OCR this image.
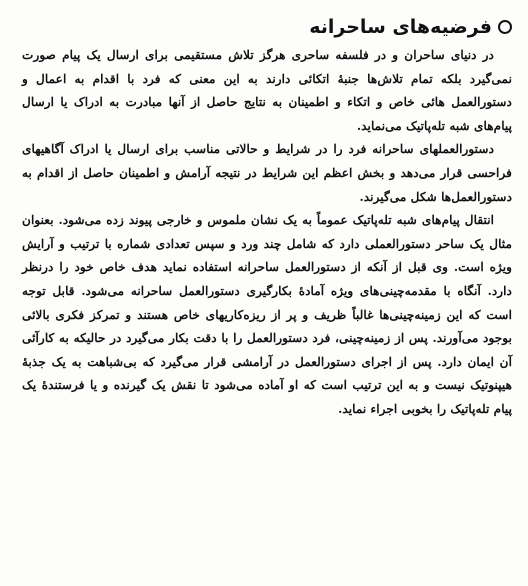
فرضیه‌های ساحرانه

در دنیای ساحران و در فلسفه ساحری هرگز تلاش مستقیمی برای ارسال یک پیام صورت نمی‌گیرد بلکه تمام تلاش‌ها جنبهٔ اتکائی دارند به این معنی که فرد با اقدام به اعمال و دستورالعمل هائی خاص و اتکاء و اطمینان به نتایج حاصل از آنها مبادرت به ادراک یا ارسال پیام‌های شبه تله‌پاتیک می‌نماید.

دستورالعملهای ساحرانه فرد را در شرایط و حالاتی مناسب برای ارسال یا ادراک آگاهیهای فراحسی قرار می‌دهد و بخش اعظم این شرایط در نتیجه آرامش و اطمینان حاصل از اقدام به دستورالعمل‌ها شکل می‌گیرند.

انتقال پیام‌های شبه تله‌پاتیک عموماً به یک نشان ملموس و خارجی پیوند زده می‌شود. بعنوان مثال یک ساحر دستورالعملی دارد که شامل چند ورد و سپس تعدادی شماره با ترتیب و آرایش ویژه است. وی قبل از آنکه از دستورالعمل ساحرانه استفاده نماید هدف خاص خود را درنظر دارد. آنگاه با مقدمه‌چینی‌های ویژه آمادهٔ بکارگیری دستورالعمل ساحرانه می‌شود. قابل توجه است که این زمینه‌چینی‌ها غالباً ظریف و پر از ریزه‌کاریهای خاص هستند و تمرکز فکری بالائی بوجود می‌آورند. پس از زمینه‌چینی، فرد دستورالعمل را با دقت بکار می‌گیرد در حالیکه به کارآئی آن ایمان دارد. پس از اجرای دستورالعمل در آرامشی قرار می‌گیرد که بی‌شباهت به یک جذبهٔ هیپنوتیک نیست و به این ترتیب است که او آماده می‌شود تا نقش یک گیرنده و یا فرستندهٔ یک پیام تله‌پاتیک را بخوبی اجراء نماید.
